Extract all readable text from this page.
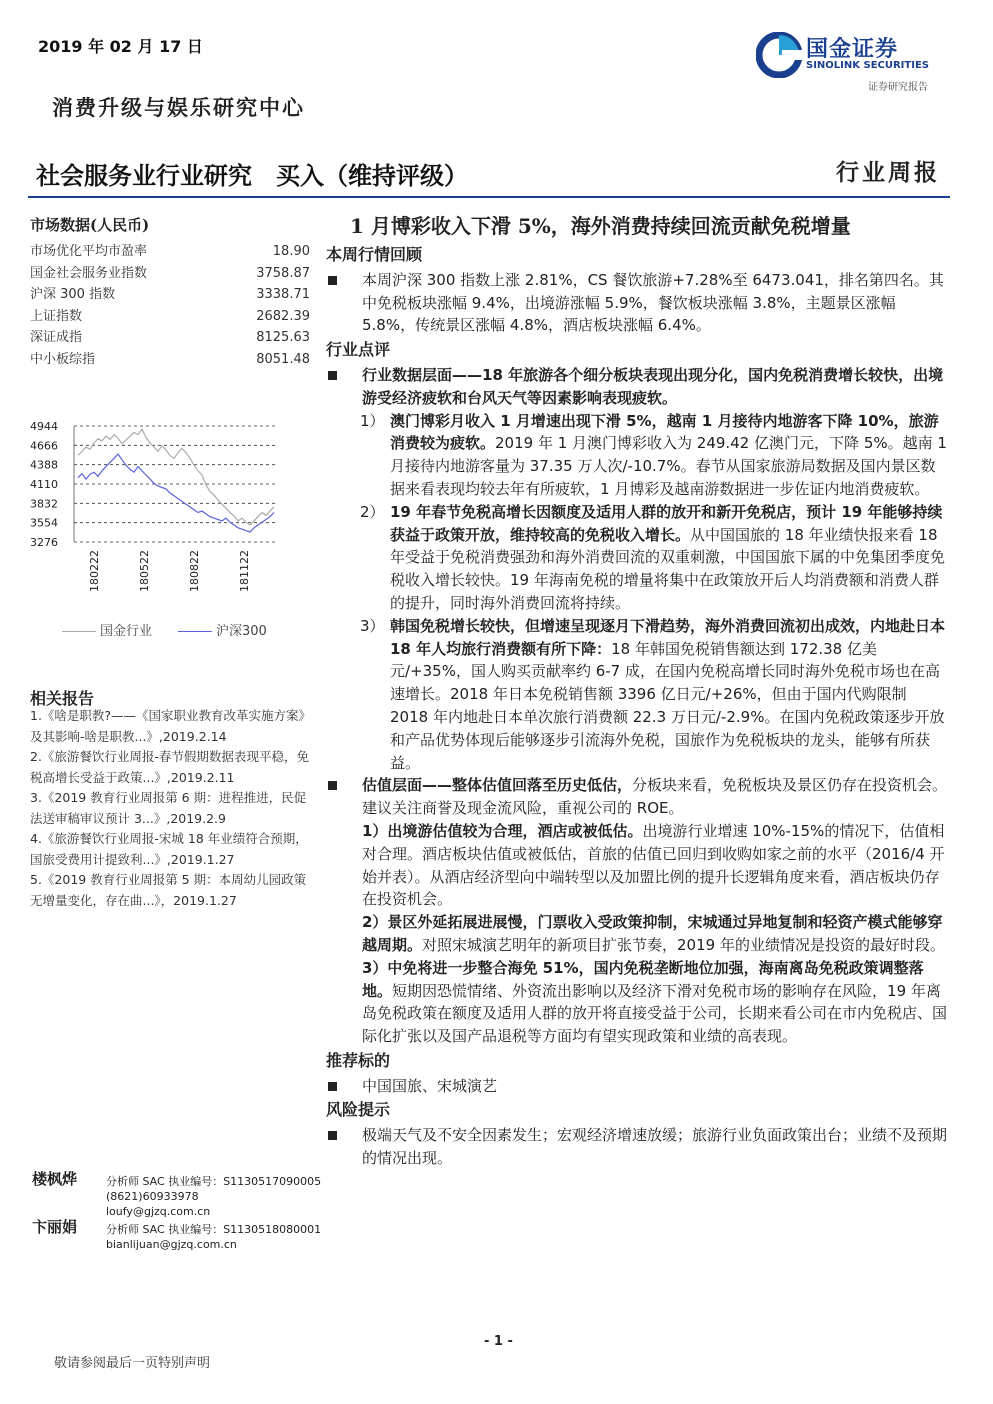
2019 年 02 月 17 日
消费升级与娱乐研究中心
国金证券
SINOLINK SECURITIES
证券研究报告
社会服务业行业研究　买入（维持评级）	行业周报
市场数据(人民币)
市场优化平均市盈率	18.90
国金社会服务业指数	3758.87
沪深 300 指数	3338.71
上证指数	2682.39
深证成指	8125.63
中小板综指	8051.48
4944
4666
4388
4110
3832
3554
3276
180222	180522	180822	181122
国金行业	沪深300
相关报告

1.《啥是职教?——《国家职业教育改革实施方案》及其影响-啥是职教...》,2019.2.14

2.《旅游餐饮行业周报-春节假期数据表现平稳，免税高增长受益于政策...》,2019.2.11

3.《2019 教育行业周报第 6 期：进程推进，民促法送审稿审议预计 3...》,2019.2.9

4.《旅游餐饮行业周报-宋城 18 年业绩符合预期，国旅受费用计提致利...》,2019.1.27

5.《2019 教育行业周报第 5 期：本周幼儿园政策无增量变化，存在曲...》，2019.1.27

楼枫烨	分析师 SAC 执业编号：S1130517090005
(8621)60933978
loufy@gjzq.com.cn
卞丽娟	分析师 SAC 执业编号：S1130518080001
bianlijuan@gjzq.com.cn
1 月博彩收入下滑 5%，海外消费持续回流贡献免税增量
本周行情回顾

本周沪深 300 指数上涨 2.81%，CS 餐饮旅游+7.28%至 6473.041，排名第四名。其中免税板块涨幅 9.4%，出境游涨幅 5.9%，餐饮板块涨幅 3.8%，主题景区涨幅 5.8%，传统景区涨幅 4.8%，酒店板块涨幅 6.4%。

行业点评

行业数据层面——18 年旅游各个细分板块表现出现分化，国内免税消费增长较快，出境游受经济疲软和台风天气等因素影响表现疲软。

1） 澳门博彩月收入 1 月增速出现下滑 5%，越南 1 月接待内地游客下降 10%，旅游消费较为疲软。2019 年 1 月澳门博彩收入为 249.42 亿澳门元，下降 5%。越南 1 月接待内地游客量为 37.35 万人次/-10.7%。春节从国家旅游局数据及国内景区数据来看表现均较去年有所疲软，1 月博彩及越南游数据进一步佐证内地消费疲软。

2） 19 年春节免税高增长因额度及适用人群的放开和新开免税店，预计 19 年能够持续获益于政策开放，维持较高的免税收入增长。从中国国旅的 18 年业绩快报来看 18 年受益于免税消费强劲和海外消费回流的双重刺激，中国国旅下属的中免集团季度免税收入增长较快。19 年海南免税的增量将集中在政策放开后人均消费额和消费人群的提升，同时海外消费回流将持续。

3） 韩国免税增长较快，但增速呈现逐月下滑趋势，海外消费回流初出成效，内地赴日本 18 年人均旅行消费额有所下降：18 年韩国免税销售额达到 172.38 亿美元/+35%，国人购买贡献率约 6-7 成，在国内免税高增长同时海外免税市场也在高速增长。2018 年日本免税销售额 3396 亿日元/+26%，但由于国内代购限制 2018 年内地赴日本单次旅行消费额 22.3 万日元/-2.9%。在国内免税政策逐步开放和产品优势体现后能够逐步引流海外免税，国旅作为免税板块的龙头，能够有所获益。

估值层面——整体估值回落至历史低估，分板块来看，免税板块及景区仍存在投资机会。建议关注商誉及现金流风险，重视公司的 ROE。

1）出境游估值较为合理，酒店或被低估。出境游行业增速 10%-15%的情况下，估值相对合理。酒店板块估值或被低估，首旅的估值已回归到收购如家之前的水平（2016/4 开始并表）。从酒店经济型向中端转型以及加盟比例的提升长逻辑角度来看，酒店板块仍存在投资机会。

2）景区外延拓展进展慢，门票收入受政策抑制，宋城通过异地复制和轻资产模式能够穿越周期。对照宋城演艺明年的新项目扩张节奏，2019 年的业绩情况是投资的最好时段。

3）中免将进一步整合海免 51%，国内免税垄断地位加强，海南离岛免税政策调整落地。短期因恐慌情绪、外资流出影响以及经济下滑对免税市场的影响存在风险，19 年离岛免税政策在额度及适用人群的放开将直接受益于公司，长期来看公司在市内免税店、国际化扩张以及国产品退税等方面均有望实现政策和业绩的高表现。

推荐标的

中国国旅、宋城演艺

风险提示

极端天气及不安全因素发生；宏观经济增速放缓；旅游行业负面政策出台；业绩不及预期的情况出现。

- 1 -
敬请参阅最后一页特别声明
